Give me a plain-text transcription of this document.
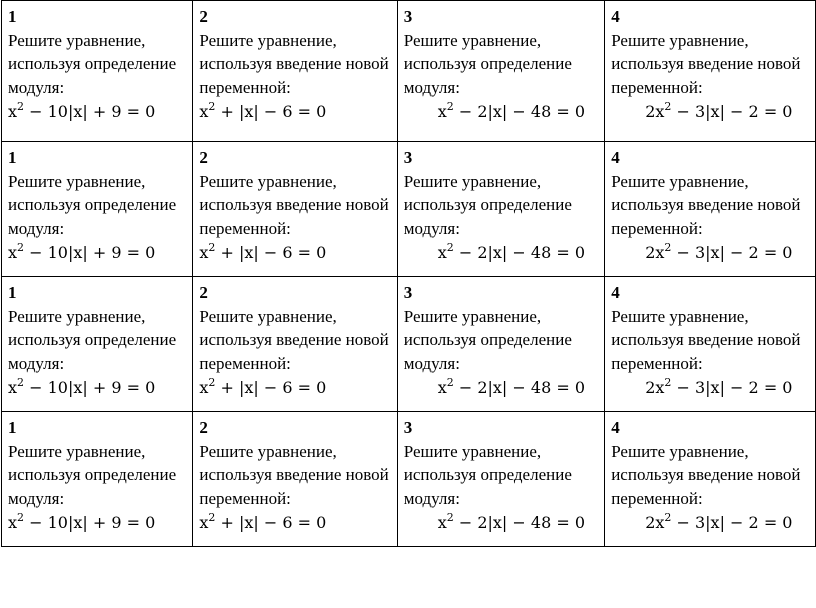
1
Решите уравнение,
используя определение
модуля:
$x^2 - 10|x| + 9 = 0$	2
Решите уравнение,
используя введение новой
переменной:
$x^2 + |x| - 6 = 0$	3
Решите уравнение,
используя определение
модуля:
$x^2 - 2|x| - 48 = 0$	4
Решите уравнение,
используя введение новой
переменной:
$2x^2 - 3|x| - 2 = 0$

1
Решите уравнение,
используя определение
модуля:
$x^2 - 10|x| + 9 = 0$	2
Решите уравнение,
используя введение новой
переменной:
$x^2 + |x| - 6 = 0$	3
Решите уравнение,
используя определение
модуля:
$x^2 - 2|x| - 48 = 0$	4
Решите уравнение,
используя введение новой
переменной:
$2x^2 - 3|x| - 2 = 0$

1
Решите уравнение,
используя определение
модуля:
$x^2 - 10|x| + 9 = 0$	2
Решите уравнение,
используя введение новой
переменной:
$x^2 + |x| - 6 = 0$	3
Решите уравнение,
используя определение
модуля:
$x^2 - 2|x| - 48 = 0$	4
Решите уравнение,
используя введение новой
переменной:
$2x^2 - 3|x| - 2 = 0$

1
Решите уравнение,
используя определение
модуля:
$x^2 - 10|x| + 9 = 0$	2
Решите уравнение,
используя введение новой
переменной:
$x^2 + |x| - 6 = 0$	3
Решите уравнение,
используя определение
модуля:
$x^2 - 2|x| - 48 = 0$	4
Решите уравнение,
используя введение новой
переменной:
$2x^2 - 3|x| - 2 = 0$
